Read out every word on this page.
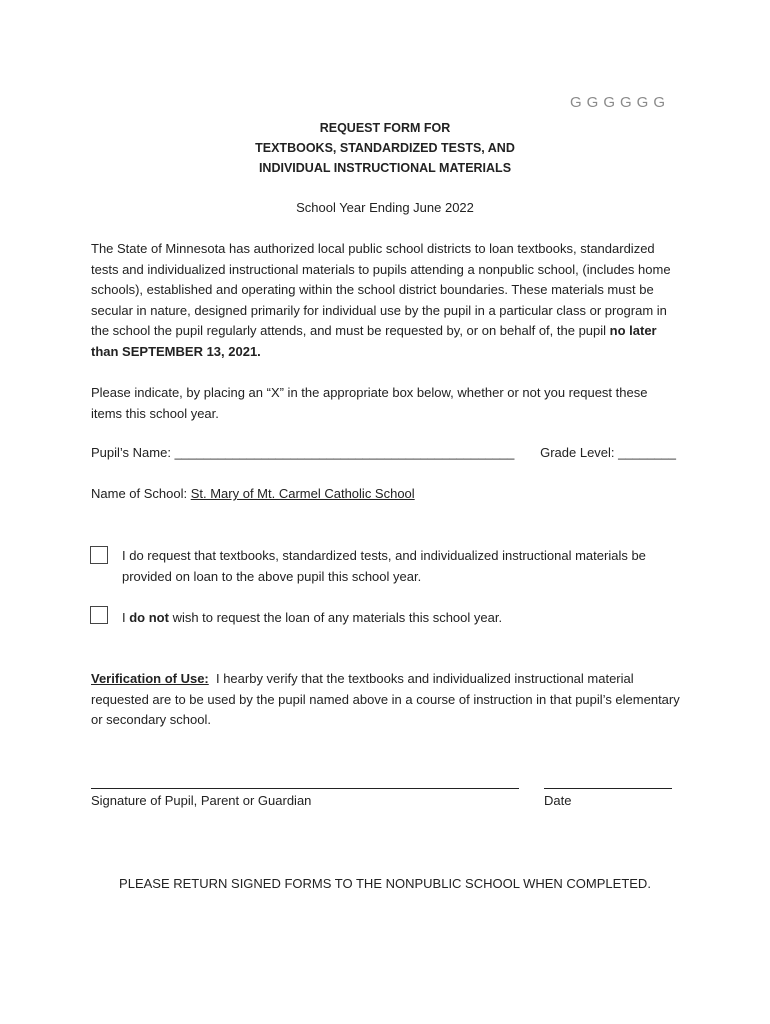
GGGGGG
REQUEST FORM FOR
TEXTBOOKS, STANDARDIZED TESTS, AND
INDIVIDUAL INSTRUCTIONAL MATERIALS
School Year Ending June 2022
The State of Minnesota has authorized local public school districts to loan textbooks, standardized tests and individualized instructional materials to pupils attending a nonpublic school, (includes home schools), established and operating within the school district boundaries. These materials must be secular in nature, designed primarily for individual use by the pupil in a particular class or program in the school the pupil regularly attends, and must be requested by, or on behalf of, the pupil no later than SEPTEMBER 13, 2021.
Please indicate, by placing an “X” in the appropriate box below, whether or not you request these items this school year.
Pupil’s Name: _______________________________________________ Grade Level: ________
Name of School: St. Mary of Mt. Carmel Catholic School
I do request that textbooks, standardized tests, and individualized instructional materials be provided on loan to the above pupil this school year.
I do not wish to request the loan of any materials this school year.
Verification of Use:  I hearby verify that the textbooks and individualized instructional material requested are to be used by the pupil named above in a course of instruction in that pupil’s elementary or secondary school.
Signature of Pupil, Parent or Guardian	Date
PLEASE RETURN SIGNED FORMS TO THE NONPUBLIC SCHOOL WHEN COMPLETED.
